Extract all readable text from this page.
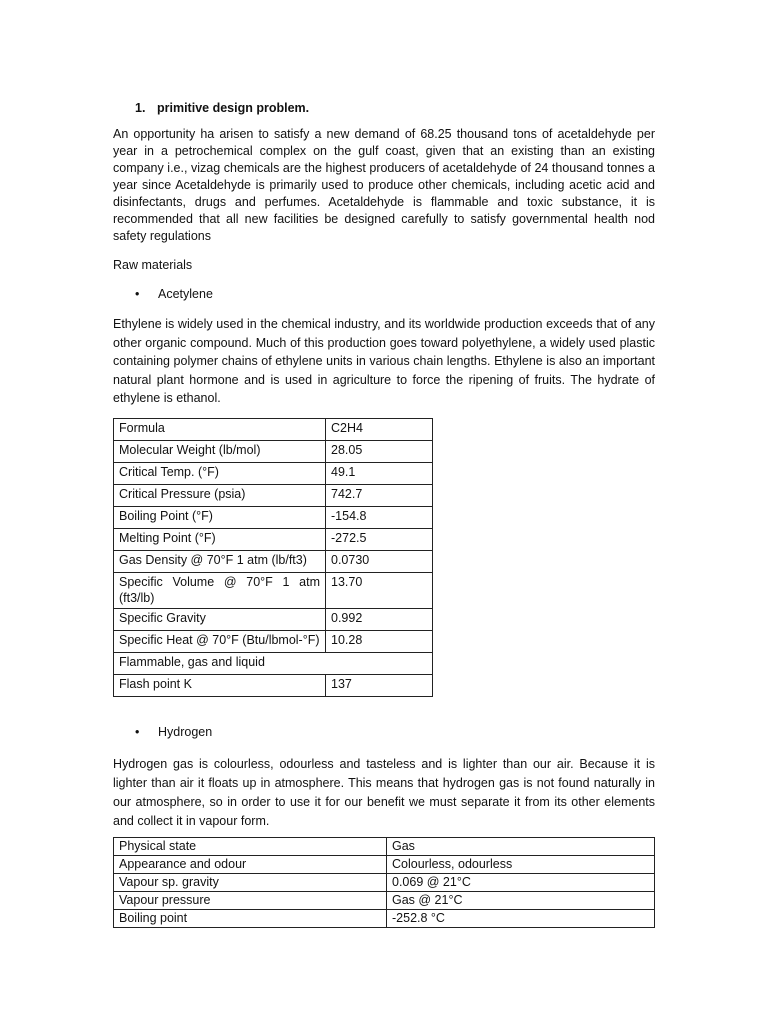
1. primitive design problem.
An opportunity ha arisen to satisfy a new demand of 68.25 thousand tons of acetaldehyde per year in a petrochemical complex on the gulf coast, given that an existing than an existing company i.e., vizag chemicals are the highest producers of acetaldehyde of 24 thousand tonnes a year since Acetaldehyde is primarily used to produce other chemicals, including acetic acid and disinfectants, drugs and perfumes. Acetaldehyde is flammable and toxic substance, it is recommended that all new facilities be designed carefully to satisfy governmental health nod safety regulations
Raw materials
• Acetylene
Ethylene is widely used in the chemical industry, and its worldwide production exceeds that of any other organic compound. Much of this production goes toward polyethylene, a widely used plastic containing polymer chains of ethylene units in various chain lengths. Ethylene is also an important natural plant hormone and is used in agriculture to force the ripening of fruits. The hydrate of ethylene is ethanol.
Formula	C2H4
Molecular Weight (lb/mol)	28.05
Critical Temp. (°F)	49.1
Critical Pressure (psia)	742.7
Boiling Point (°F)	-154.8
Melting Point (°F)	-272.5
Gas Density @ 70°F 1 atm (lb/ft3)	0.0730
Specific Volume @ 70°F 1 atm (ft3/lb)	13.70
Specific Gravity	0.992
Specific Heat @ 70°F (Btu/lbmol-°F)	10.28
Flammable, gas and liquid	
Flash point K	137
• Hydrogen
Hydrogen gas is colourless, odourless and tasteless and is lighter than our air. Because it is lighter than air it floats up in atmosphere. This means that hydrogen gas is not found naturally in our atmosphere, so in order to use it for our benefit we must separate it from its other elements and collect it in vapour form.
Physical state	Gas
Appearance and odour	Colourless, odourless
Vapour sp. gravity	0.069 @ 21°C
Vapour pressure	Gas @ 21°C
Boiling point	-252.8 °C
